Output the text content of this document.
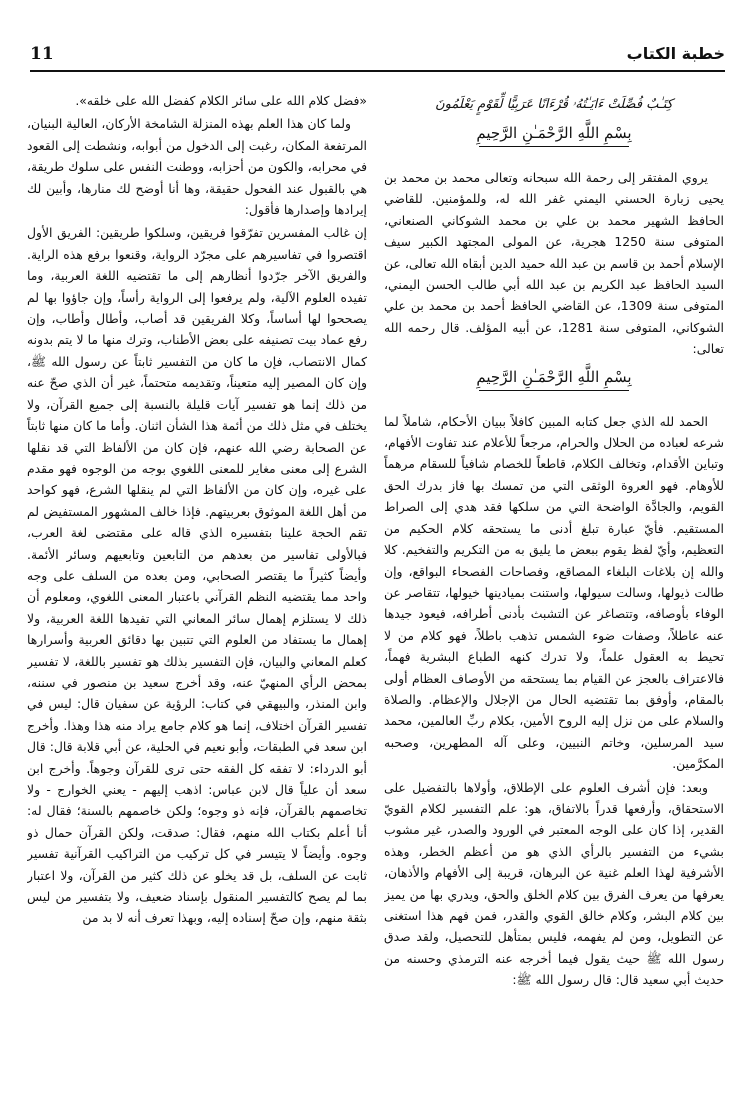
11	خطبة الكتاب
كِتَـٰبٌ فُصِّلَتْ ءَايَـٰتُهُۥ قُرْءَانًا عَرَبِيًّا لِّقَوْمٍ يَعْلَمُونَ
بِسْمِ اللَّهِ الرَّحْمَـٰنِ الرَّحِيمِ

يروي المفتقر إلى رحمة الله سبحانه وتعالى محمد بن محمد بن يحيى زبارة الحسني اليمني غفر الله له، وللمؤمنين. للقاضي الحافظ الشهير محمد بن علي بن محمد الشوكاني الصنعاني، المتوفى سنة 1250 هجرية، عن المولى المجتهد الكبير سيف الإسلام أحمد بن قاسم بن عبد الله حميد الدين أبقاه الله تعالى، عن السيد الحافظ عبد الكريم بن عبد الله أبي طالب الحسن اليمني، المتوفى سنة 1309، عن القاضي الحافظ أحمد بن محمد بن علي الشوكاني، المتوفى سنة 1281، عن أبيه المؤلف. قال رحمه الله تعالى:

بِسْمِ اللَّهِ الرَّحْمَـٰنِ الرَّحِيمِ

الحمد لله الذي جعل كتابه المبين كافلاً ببيان الأحكام، شاملاً لما شرعه لعباده من الحلال والحرام، مرجعاً للأعلام عند تفاوت الأفهام، وتباين الأقدام، وتخالف الكلام، قاطعاً للخصام شافياً للسقام مرهماً للأوهام. فهو العروة الوثقى التي من تمسك بها فاز بدرك الحق القويم، والجادَّة الواضحة التي من سلكها فقد هدي إلى الصراط المستقيم. فأيّ عبارة تبلغ أدنى ما يستحقه كلام الحكيم من التعظيم، وأيّ لفظ يقوم ببعض ما يليق به من التكريم والتفخيم. كلا والله إن بلاغات البلغاء المصاقع، وفصاحات الفصحاء البواقع، وإن طالت ذيولها، وسالت سيولها، واستنت بميادينها خيولها، تتقاصر عن الوفاء بأوصافه، وتتصاغر عن التشبث بأدنى أطرافه، فيعود جيدها عنه عاطلاً، وصفات ضوء الشمس تذهب باطلاً، فهو كلام من لا تحيط به العقول علماً، ولا تدرك كنهه الطباع البشرية فهماً، فالاعتراف بالعجز عن القيام بما يستحقه من الأوصاف العظام أولى بالمقام، وأوفق بما تقتضيه الحال من الإجلال والإعظام. والصلاة والسلام على من نزل إليه الروح الأمين، بكلام ربِّ العالمين، محمد سيد المرسلين، وخاتم النبيين، وعلى آله المطهرين، وصحبه المكرَّمين.

وبعد: فإن أشرف العلوم على الإطلاق، وأولاها بالتفضيل على الاستحقاق، وأرفعها قدراً بالاتفاق، هو: علم التفسير لكلام القويّ القدير، إذا كان على الوجه المعتبر في الورود والصدر، غير مشوب بشيء من التفسير بالرأي الذي هو من أعظم الخطر، وهذه الأشرفية لهذا العلم غنية عن البرهان، قريبة إلى الأفهام والأذهان، يعرفها من يعرف الفرق بين كلام الخلق والحق، ويدري بها من يميز بين كلام البشر، وكلام خالق القوي والقدر، فمن فهم هذا استغنى عن التطويل، ومن لم يفهمه، فليس بمتأهل للتحصيل، ولقد صدق رسول الله ﷺ حيث يقول فيما أخرجه عنه الترمذي وحسنه من حديث أبي سعيد قال: قال رسول الله ﷺ:

«فضل كلام الله على سائر الكلام كفضل الله على خلقه».

ولما كان هذا العلم بهذه المنزلة الشامخة الأركان، العالية البنيان، المرتفعة المكان، رغبت إلى الدخول من أبوابه، ونشطت إلى القعود في محرابه، والكون من أحزابه، ووطنت النفس على سلوك طريقة، هي بالقبول عند الفحول حقيقة، وها أنا أوضح لك منارها، وأبين لك إيرادها وإصدارها فأقول:

إن غالب المفسرين تفرّقوا فريقين، وسلكوا طريقين: الفريق الأول اقتصروا في تفاسيرهم على مجرّد الرواية، وقنعوا برفع هذه الراية. والفريق الآخر جرّدوا أنظارهم إلى ما تقتضيه اللغة العربية، وما تفيده العلوم الآلية، ولم يرفعوا إلى الرواية رأساً، وإن جاؤوا بها لم يصححوا لها أساساً، وكلا الفريقين قد أصاب، وأطال وأطاب، وإن رفع عماد بيت تصنيفه على بعض الأطناب، وترك منها ما لا يتم بدونه كمال الانتصاب، فإن ما كان من التفسير ثابتاً عن رسول الله ﷺ، وإن كان المصير إليه متعيناً، وتقديمه متحتماً، غير أن الذي صحّ عنه من ذلك إنما هو تفسير آيات قليلة بالنسبة إلى جميع القرآن، ولا يختلف في مثل ذلك من أئمة هذا الشأن اثنان. وأما ما كان منها ثابتاً عن الصحابة رضي الله عنهم، فإن كان من الألفاظ التي قد نقلها الشرع إلى معنى مغاير للمعنى اللغوي بوجه من الوجوه فهو مقدم على غيره، وإن كان من الألفاظ التي لم ينقلها الشرع، فهو كواحد من أهل اللغة الموثوق بعربيتهم. فإذا خالف المشهور المستفيض لم تقم الحجة علينا بتفسيره الذي قاله على مقتضى لغة العرب، فبالأولى تفاسير من بعدهم من التابعين وتابعيهم وسائر الأئمة. وأيضاً كثيراً ما يقتصر الصحابي، ومن بعده من السلف على وجه واحد مما يقتضيه النظم القرآني باعتبار المعنى اللغوي، ومعلوم أن ذلك لا يستلزم إهمال سائر المعاني التي تفيدها اللغة العربية، ولا إهمال ما يستفاد من العلوم التي تتبين بها دقائق العربية وأسرارها كعلم المعاني والبيان، فإن التفسير بذلك هو تفسير باللغة، لا تفسير بمحض الرأي المنهيّ عنه، وقد أخرج سعيد بن منصور في سننه، وابن المنذر، والبيهقي في كتاب: الرؤية عن سفيان قال: ليس في تفسير القرآن اختلاف، إنما هو كلام جامع يراد منه هذا وهذا. وأخرج ابن سعد في الطبقات، وأبو نعيم في الحلية، عن أبي قلابة قال: قال أبو الدرداء: لا تفقه كل الفقه حتى ترى للقرآن وجوهاً. وأخرج ابن سعد أن علياً قال لابن عباس: اذهب إليهم - يعني الخوارج - ولا تخاصمهم بالقرآن، فإنه ذو وجوه؛ ولكن خاصمهم بالسنة؛ فقال له: أنا أعلم بكتاب الله منهم، فقال: صدقت، ولكن القرآن حمال ذو وجوه. وأيضاً لا يتيسر في كل تركيب من التراكيب القرآنية تفسير ثابت عن السلف، بل قد يخلو عن ذلك كثير من القرآن، ولا اعتبار بما لم يصح كالتفسير المنقول بإسناد ضعيف، ولا بتفسير من ليس بثقة منهم، وإن صحّ إسناده إليه، وبهذا تعرف أنه لا بد من
